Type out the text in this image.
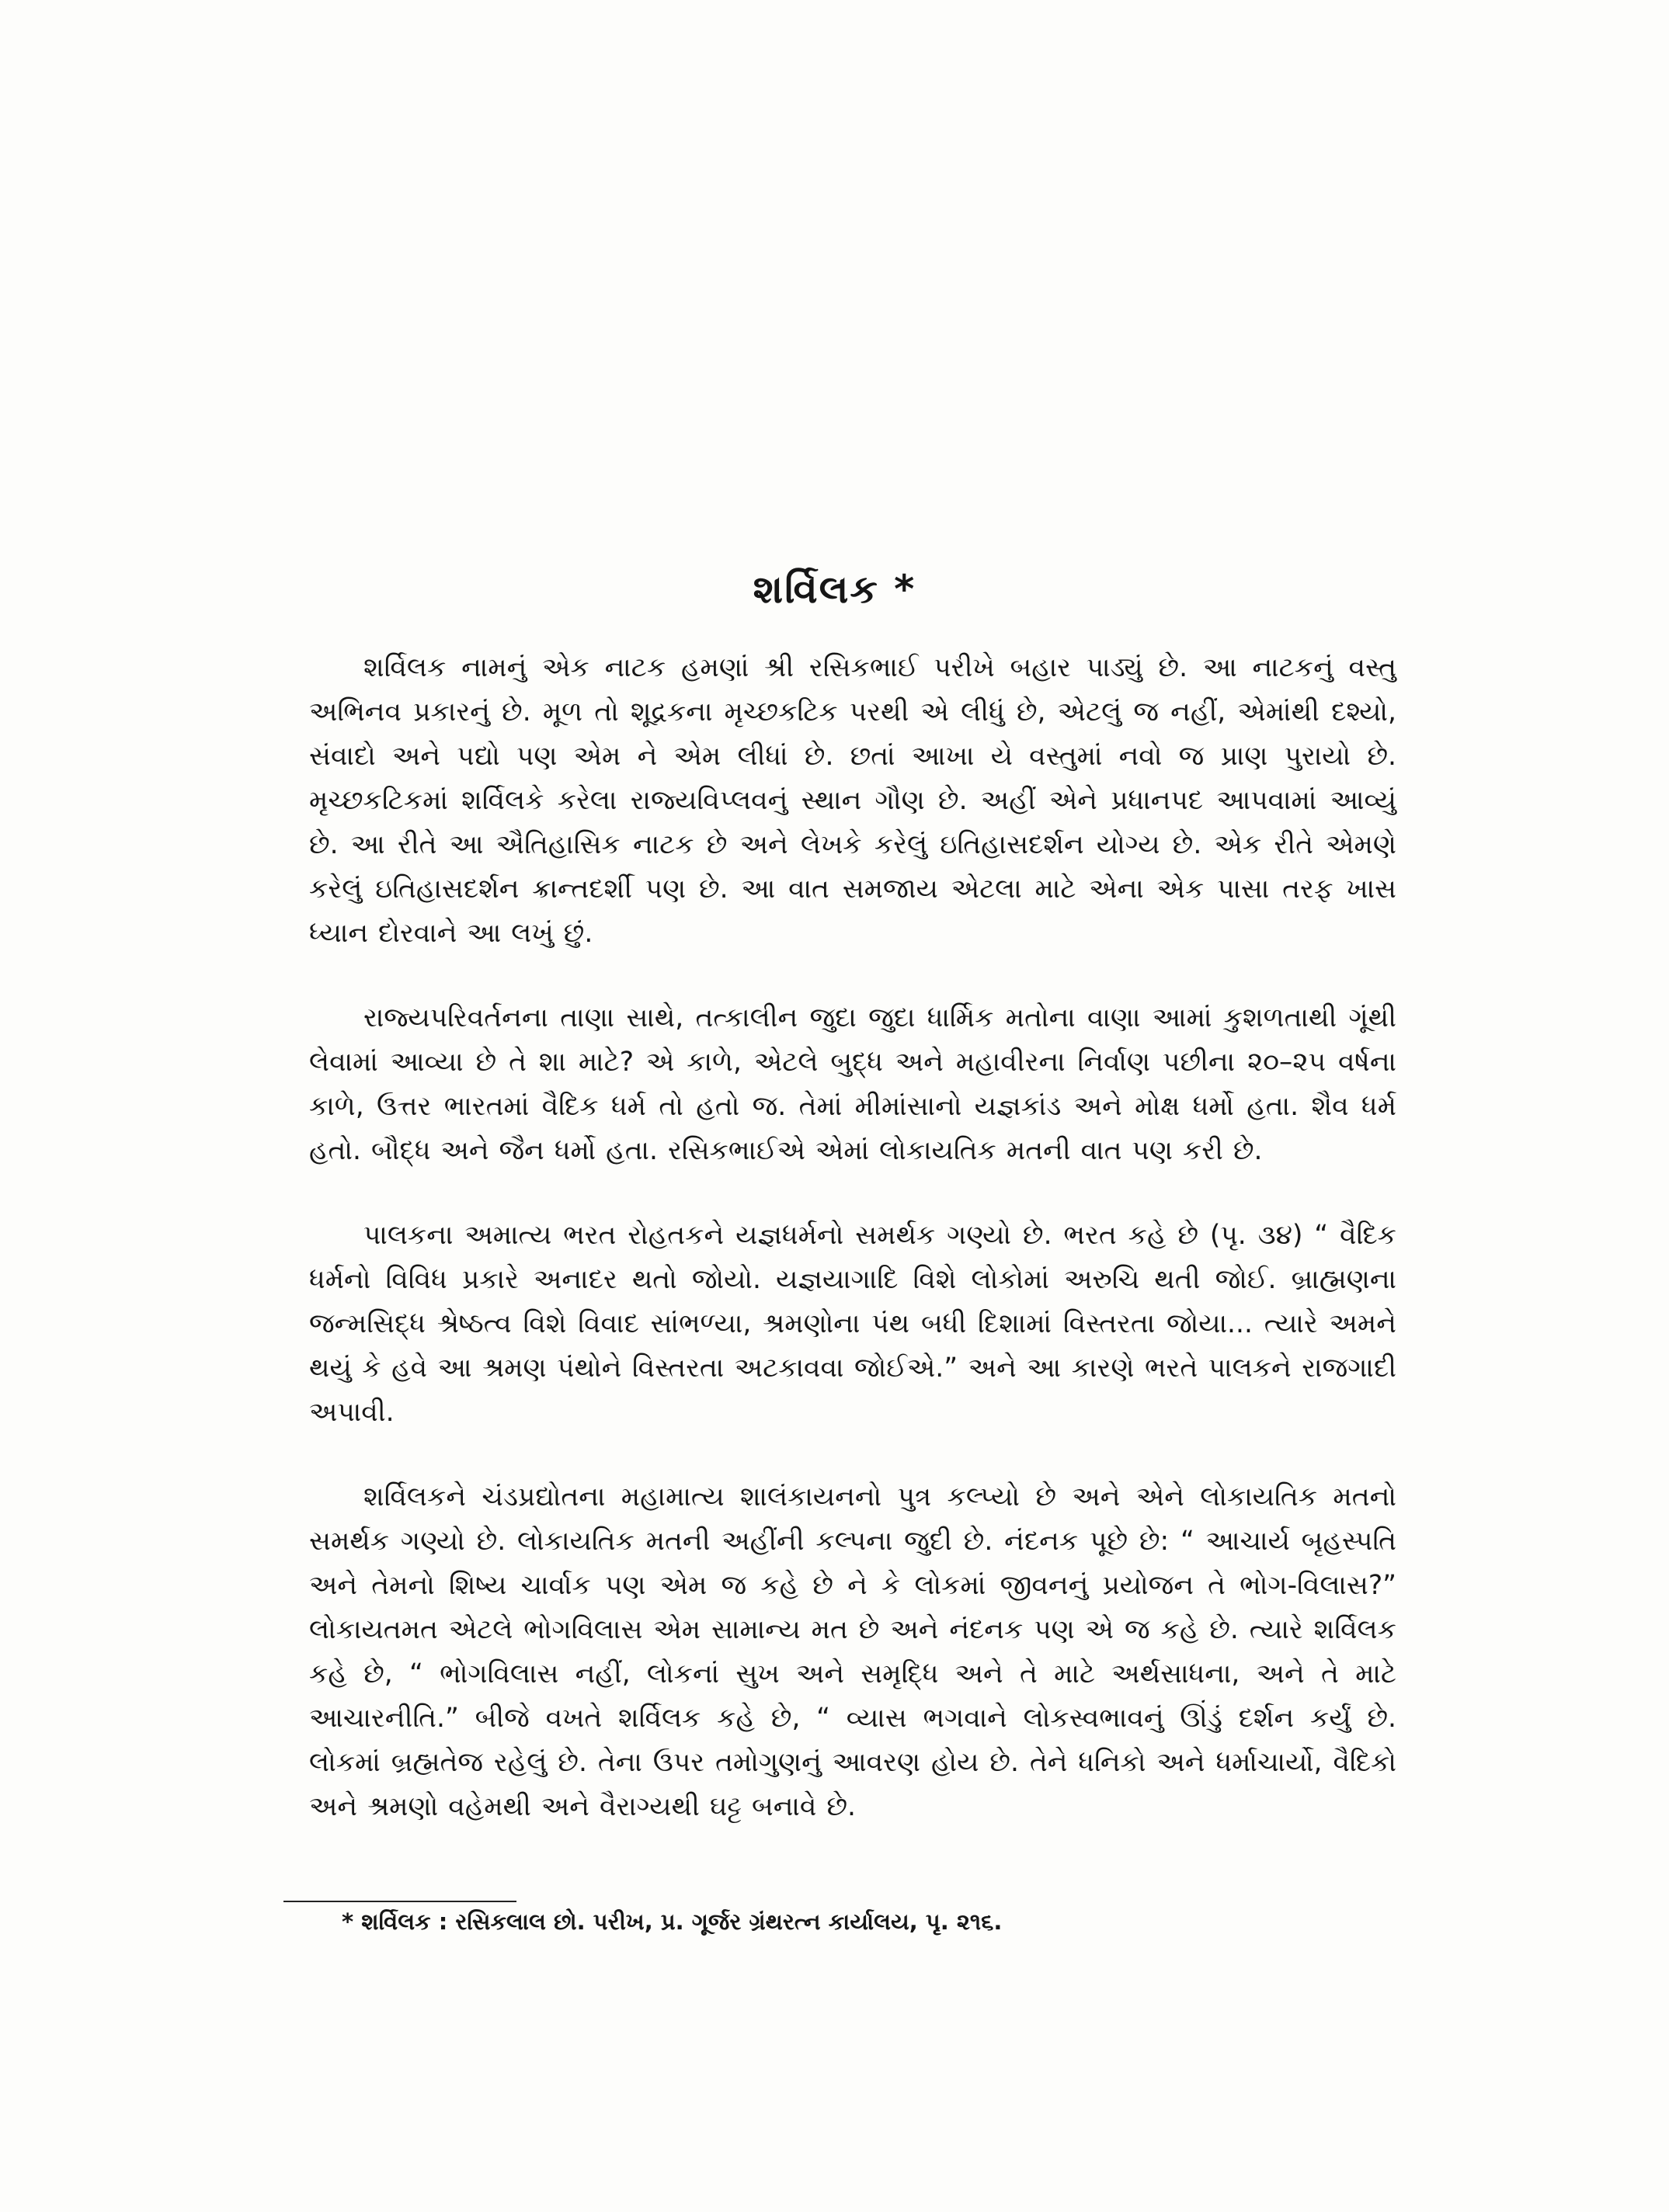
શર્વિલક *

શર્વિલક નામનું એક નાટક હમણાં શ્રી રસિકભાઈ પરીખે બહાર પાડ્યું છે. આ નાટકનું વસ્તુ અભિનવ પ્રકારનું છે. મૂળ તો શૂદ્રકના મૃચ્છકટિક પરથી એ લીધું છે, એટલું જ નહીં, એમાંથી દશ્યો, સંવાદો અને પદ્યો પણ એમ ને એમ લીધાં છે. છતાં આખા યે વસ્તુમાં નવો જ પ્રાણ પુરાયો છે. મૃચ્છકટિકમાં શર્વિલકે કરેલા રાજ્યવિપ્લવનું સ્થાન ગૌણ છે. અહીં એને પ્રધાનપદ આપવામાં આવ્યું છે. આ રીતે આ ઐતિહાસિક નાટક છે અને લેખકે કરેલું ઇતિહાસદર્શન યોગ્ય છે. એક રીતે એમણે કરેલું ઇતિહાસદર્શન ક્રાન્તદર્શી પણ છે. આ વાત સમજાય એટલા માટે એના એક પાસા તરફ ખાસ ધ્યાન દોરવાને આ લખું છું.

રાજ્યપરિવર્તનના તાણા સાથે, તત્કાલીન જુદા જુદા ધાર્મિક મતોના વાણા આમાં કુશળતાથી ગૂંથી લેવામાં આવ્યા છે તે શા માટે? એ કાળે, એટલે બુદ્ધ અને મહાવીરના નિર્વાણ પછીના ૨૦–૨૫ વર્ષના કાળે, ઉત્તર ભારતમાં વૈદિક ધર્મ તો હતો જ. તેમાં મીમાંસાનો યજ્ઞકાંડ અને મોક્ષ ધર્મો હતા. શૈવ ધર્મ હતો. બૌદ્ધ અને જૈન ધર્મો હતા. રસિકભાઈએ એમાં લોકાયતિક મતની વાત પણ કરી છે.

પાલકના અમાત્ય ભરત રોહતકને યજ્ઞધર્મનો સમર્થક ગણ્યો છે. ભરત કહે છે (પૃ. ૩૪) “ વૈદિક ધર્મનો વિવિધ પ્રકારે અનાદર થતો જોયો. યજ્ઞયાગાદિ વિશે લોકોમાં અરુચિ થતી જોઈ. બ્રાહ્મણના જન્મસિદ્ધ શ્રેષ્ઠત્વ વિશે વિવાદ સાંભળ્યા, શ્રમણોના પંથ બધી દિશામાં વિસ્તરતા જોયા... ત્યારે અમને થયું કે હવે આ શ્રમણ પંથોને વિસ્તરતા અટકાવવા જોઈએ.” અને આ કારણે ભરતે પાલકને રાજગાદી અપાવી.

શર્વિલકને ચંડપ્રદ્યોતના મહામાત્ય શાલંકાયનનો પુત્ર કલ્પ્યો છે અને એને લોકાયતિક મતનો સમર્થક ગણ્યો છે. લોકાયતિક મતની અહીંની કલ્પના જુદી છે. નંદનક પૂછે છે: “ આચાર્ય બૃહસ્પતિ અને તેમનો શિષ્ય ચાર્વાક પણ એમ જ કહે છે ને કે લોકમાં જીવનનું પ્રયોજન તે ભોગ-વિલાસ?” લોકાયતમત એટલે ભોગવિલાસ એમ સામાન્ય મત છે અને નંદનક પણ એ જ કહે છે. ત્યારે શર્વિલક કહે છે, “ ભોગવિલાસ નહીં, લોકનાં સુખ અને સમૃદ્ધિ અને તે માટે અર્થસાધના, અને તે માટે આચારનીતિ.” બીજે વખતે શર્વિલક કહે છે, “ વ્યાસ ભગવાને લોકસ્વભાવનું ઊંડું દર્શન કર્યું છે. લોકમાં બ્રહ્મતેજ રહેલું છે. તેના ઉપર તમોગુણનું આવરણ હોય છે. તેને ધનિકો અને ધર્માચાર્યો, વૈદિકો અને શ્રમણો વહેમથી અને વૈરાગ્યથી ઘટ્ટ બનાવે છે.

* શર્વિલક : રસિકલાલ છો. પરીખ, પ્ર. ગૂર્જર ગ્રંથરત્ન કાર્યાલય, પૃ. ૨૧૬.
